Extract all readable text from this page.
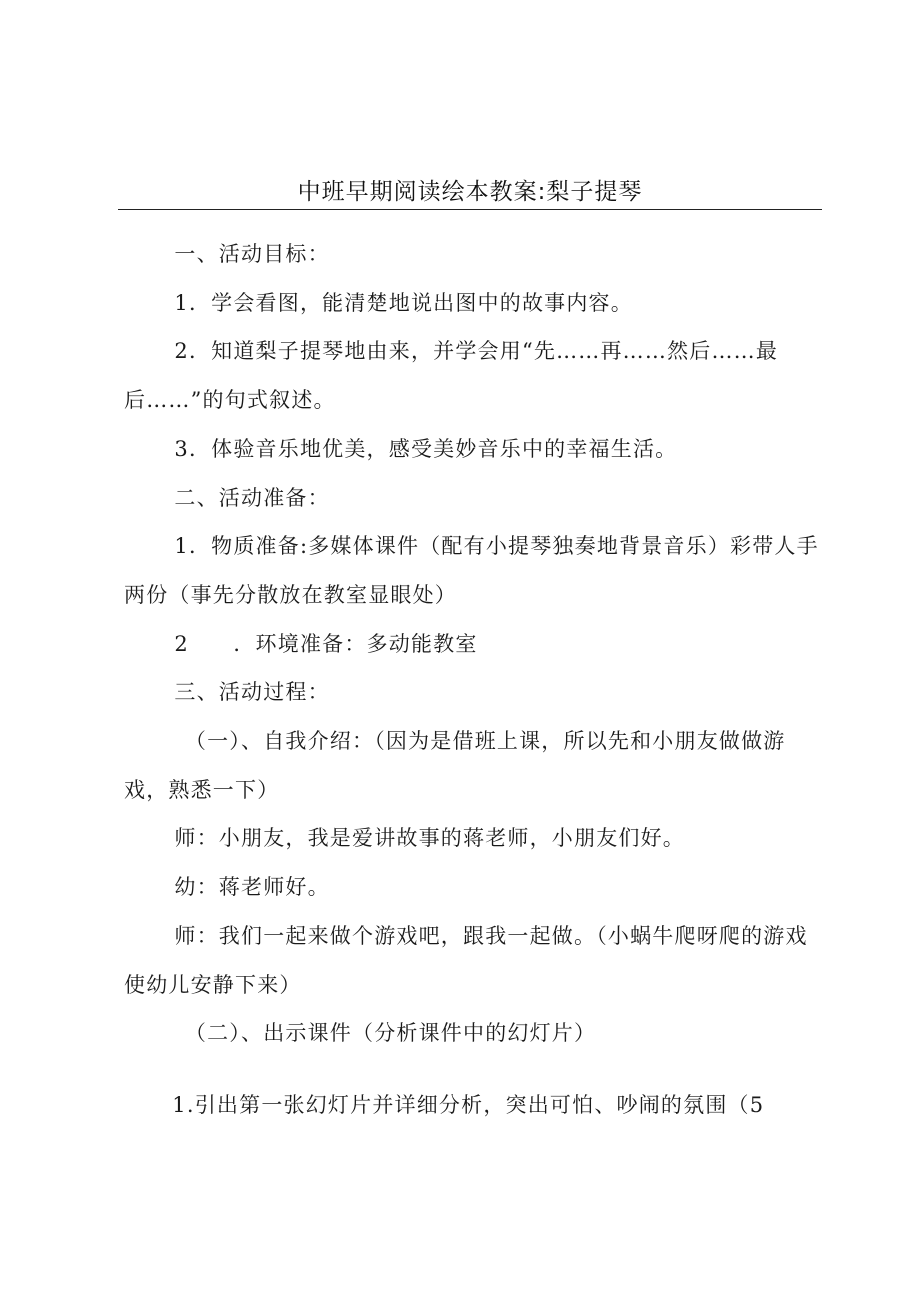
中班早期阅读绘本教案:梨子提琴

一、活动目标：

1．学会看图，能清楚地说出图中的故事内容。

2．知道梨子提琴地由来，并学会用“先……再……然后……最后……”的句式叙述。

3．体验音乐地优美，感受美妙音乐中的幸福生活。

二、活动准备：

1．物质准备:多媒体课件（配有小提琴独奏地背景音乐）彩带人手两份（事先分散放在教室显眼处）

2　　．环境准备：多动能教室

三、活动过程：

（一）、自我介绍：（因为是借班上课，所以先和小朋友做做游戏，熟悉一下）

师：小朋友，我是爱讲故事的蒋老师，小朋友们好。

幼：蒋老师好。

师：我们一起来做个游戏吧，跟我一起做。（小蜗牛爬呀爬的游戏使幼儿安静下来）

（二）、出示课件（分析课件中的幻灯片）

1.引出第一张幻灯片并详细分析，突出可怕、吵闹的氛围（5
